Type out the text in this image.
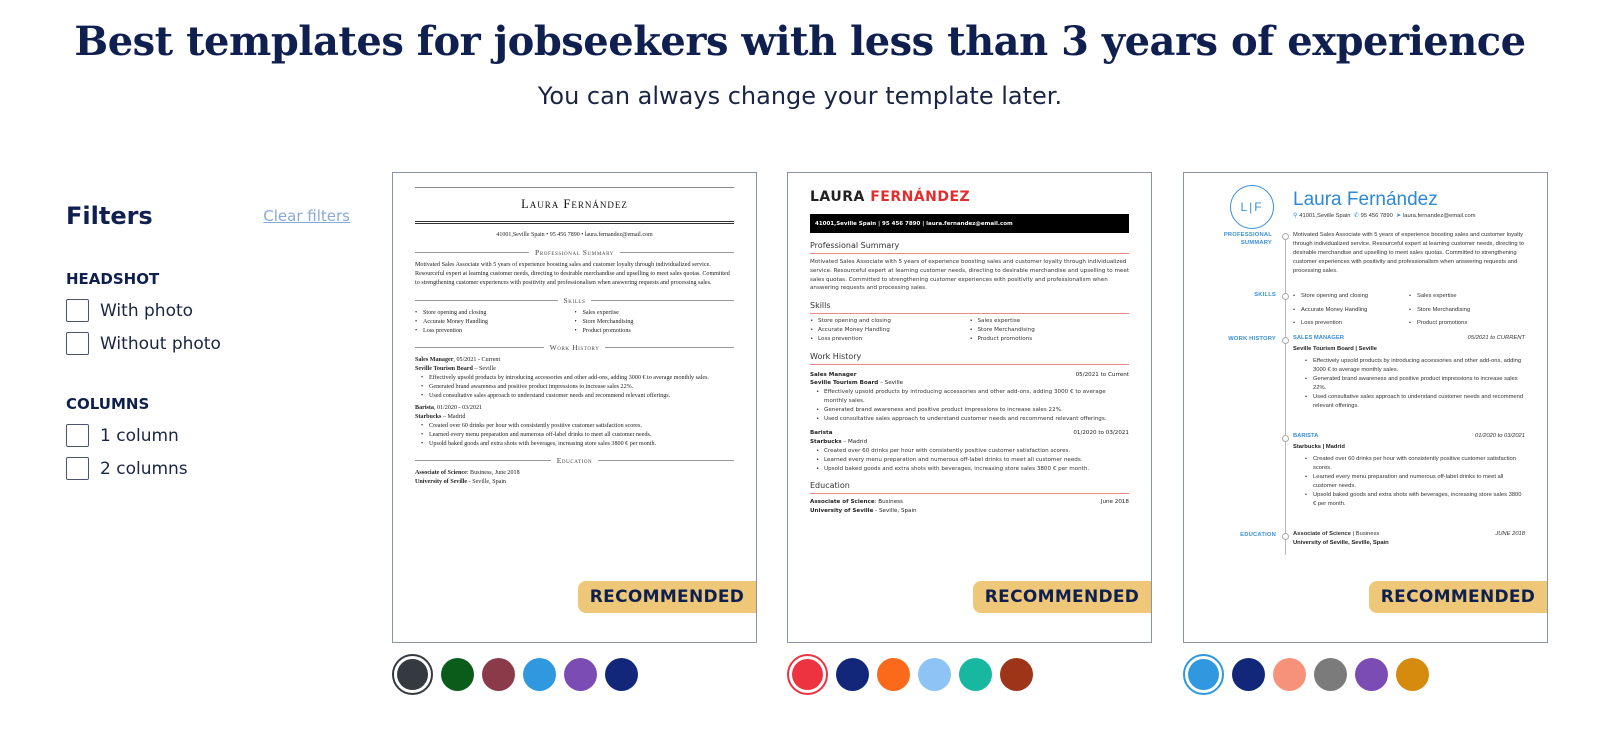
Best templates for jobseekers with less than 3 years of experience
You can always change your template later.
Filters	Clear filters
HEADSHOT
With photo
Without photo
COLUMNS
1 column
2 columns
Laura Fernández
41001,Seville Spain • 95 456 7890 • laura.fernandez@email.com
Professional Summary

Motivated Sales Associate with 5 years of experience boosting sales and customer loyalty through individualized service. Resourceful expert at learning customer needs, directing to desirable merchandise and upselling to meet sales quotas. Committed to strengthening customer experiences with positivity and professionalism when answering requests and processing sales.

Skills
• Store opening and closing	• Sales expertise
• Accurate Money Handling	• Store Merchandising
• Loss prevention	• Product promotions
Work History
Sales Manager, 05/2021 - Current
Seville Tourism Board – Seville
• Effectively upsold products by introducing accessories and other add-ons, adding 3000 € to average monthly sales.
• Generated brand awareness and positive product impressions to increase sales 22%.
• Used consultative sales approach to understand customer needs and recommend relevant offerings.
Barista, 01/2020 - 03/2021
Starbucks – Madrid
• Created over 60 drinks per hour with consistently positive customer satisfaction scores.
• Learned every menu preparation and numerous off-label drinks to meet all customer needs.
• Upsold baked goods and extra shots with beverages, increasing store sales 3800 € per month.
Education
Associate of Science: Business, June 2018
University of Seville - Seville, Spain
RECOMMENDED
LAURA FERNÁNDEZ
41001,Seville Spain | 95 456 7890 | laura.fernandez@email.com
Professional Summary

Motivated Sales Associate with 5 years of experience boosting sales and customer loyalty through individualized service. Resourceful expert at learning customer needs, directing to desirable merchandise and upselling to meet sales quotas. Committed to strengthening customer experiences with positivity and professionalism when answering requests and processing sales.

Skills
• Store opening and closing	• Sales expertise
• Accurate Money Handling	• Store Merchandising
• Loss prevention	• Product promotions
Work History
Sales Manager	05/2021 to Current
Seville Tourism Board – Seville
• Effectively upsold products by introducing accessories and other add-ons, adding 3000 € to average monthly sales.
• Generated brand awareness and positive product impressions to increase sales 22%.
• Used consultative sales approach to understand customer needs and recommend relevant offerings.
Barista	01/2020 to 03/2021
Starbucks – Madrid
• Created over 60 drinks per hour with consistently positive customer satisfaction scores.
• Learned every menu preparation and numerous off-label drinks to meet all customer needs.
• Upsold baked goods and extra shots with beverages, increasing store sales 3800 € per month.
Education
Associate of Science: Business	June 2018
University of Seville - Seville, Spain
RECOMMENDED
L|F	Laura Fernández
⚲ 41001,Seville Spain ✆ 95 456 7890 ➤ laura.fernandez@email.com
PROFESSIONAL SUMMARY
Motivated Sales Associate with 5 years of experience boosting sales and customer loyalty through individualized service. Resourceful expert at learning customer needs, directing to desirable merchandise and upselling to meet sales quotas. Committed to strengthening customer experiences with positivity and professionalism when answering requests and processing sales.
SKILLS	• Store opening and closing	• Sales expertise
• Accurate Money Handling	• Store Merchandising
• Loss prevention	• Product promotions
WORK HISTORY	SALES MANAGER	05/2021 to CURRENT
Seville Tourism Board | Seville
• Effectively upsold products by introducing accessories and other add-ons, adding 3000 € to average monthly sales.
• Generated brand awareness and positive product impressions to increase sales 22%.
• Used consultative sales approach to understand customer needs and recommend relevant offerings.
BARISTA	01/2020 to 03/2021
Starbucks | Madrid
• Created over 60 drinks per hour with consistently positive customer satisfaction scores.
• Learned every menu preparation and numerous off-label drinks to meet all customer needs.
• Upsold baked goods and extra shots with beverages, increasing store sales 3800 € per month.
EDUCATION	Associate of Science | Business	JUNE 2018
University of Seville, Seville, Spain
RECOMMENDED
